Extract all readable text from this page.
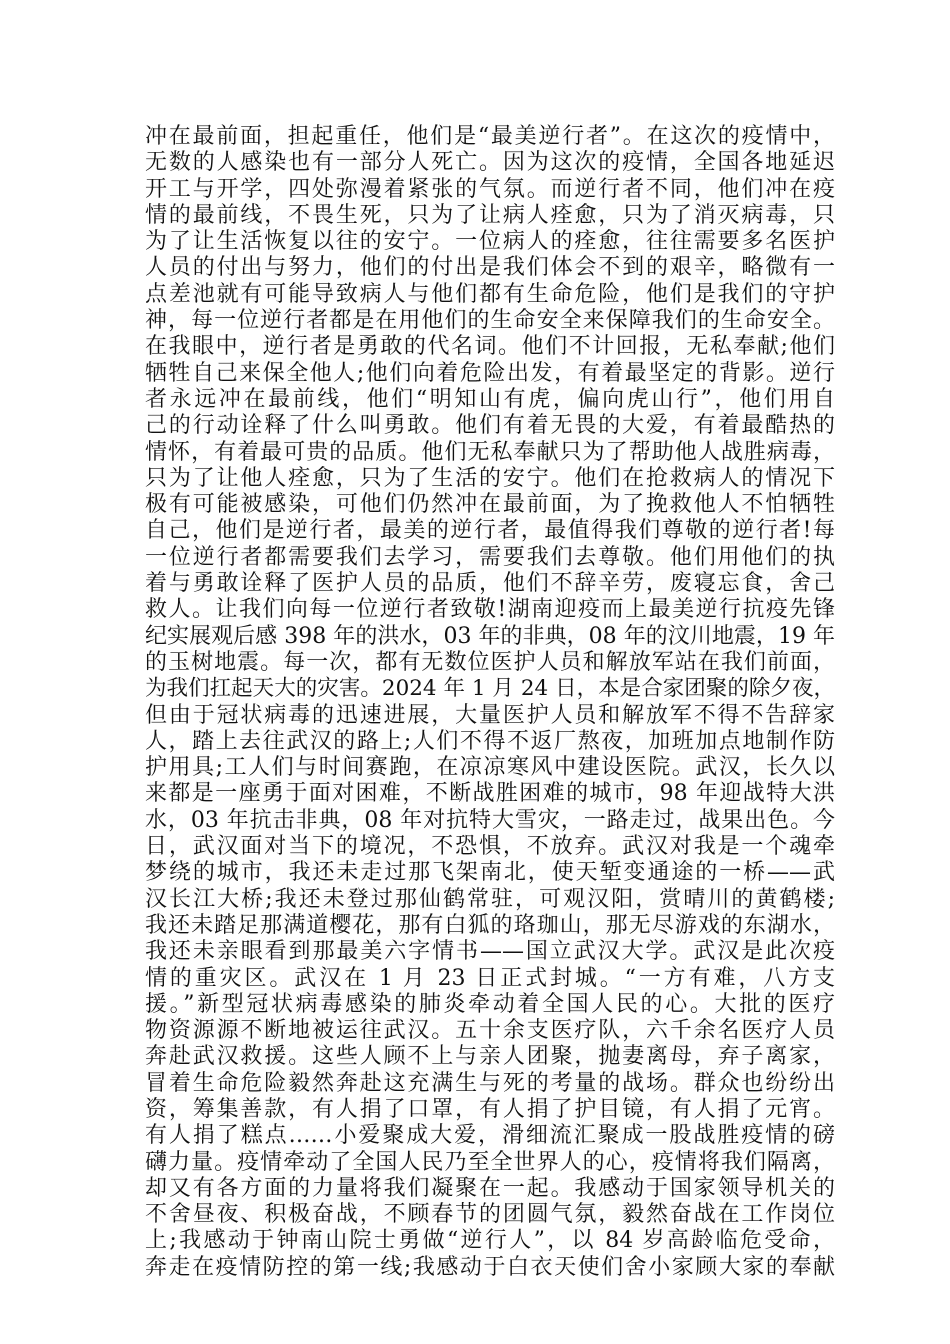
冲在最前面，担起重任，他们是“最美逆行者”。在这次的疫情中，
无数的人感染也有一部分人死亡。因为这次的疫情，全国各地延迟
开工与开学，四处弥漫着紧张的气氛。而逆行者不同，他们冲在疫
情的最前线，不畏生死，只为了让病人痊愈，只为了消灭病毒，只
为了让生活恢复以往的安宁。一位病人的痊愈，往往需要多名医护
人员的付出与努力，他们的付出是我们体会不到的艰辛，略微有一
点差池就有可能导致病人与他们都有生命危险，他们是我们的守护
神，每一位逆行者都是在用他们的生命安全来保障我们的生命安全。
在我眼中，逆行者是勇敢的代名词。他们不计回报，无私奉献;他们
牺牲自己来保全他人;他们向着危险出发，有着最坚定的背影。逆行
者永远冲在最前线，他们“明知山有虎，偏向虎山行”，他们用自
己的行动诠释了什么叫勇敢。他们有着无畏的大爱，有着最酷热的
情怀，有着最可贵的品质。他们无私奉献只为了帮助他人战胜病毒，
只为了让他人痊愈，只为了生活的安宁。他们在抢救病人的情况下
极有可能被感染，可他们仍然冲在最前面，为了挽救他人不怕牺牲
自己，他们是逆行者，最美的逆行者，最值得我们尊敬的逆行者!每
一位逆行者都需要我们去学习，需要我们去尊敬。他们用他们的执
着与勇敢诠释了医护人员的品质，他们不辞辛劳，废寝忘食，舍己
救人。让我们向每一位逆行者致敬!湖南迎疫而上最美逆行抗疫先锋
纪实展观后感 398 年的洪水，03 年的非典，08 年的汶川地震，19 年
的玉树地震。每一次，都有无数位医护人员和解放军站在我们前面，
为我们扛起天大的灾害。2024 年 1 月 24 日，本是合家团聚的除夕夜，
但由于冠状病毒的迅速进展，大量医护人员和解放军不得不告辞家
人，踏上去往武汉的路上;人们不得不返厂熬夜，加班加点地制作防
护用具;工人们与时间赛跑，在凉凉寒风中建设医院。武汉，长久以
来都是一座勇于面对困难，不断战胜困难的城市，98 年迎战特大洪
水，03 年抗击非典，08 年对抗特大雪灾，一路走过，战果出色。今
日，武汉面对当下的境况，不恐惧，不放弃。武汉对我是一个魂牵
梦绕的城市，我还未走过那飞架南北，使天堑变通途的一桥——武
汉长江大桥;我还未登过那仙鹤常驻，可观汉阳，赏晴川的黄鹤楼;
我还未踏足那满道樱花，那有白狐的珞珈山，那无尽游戏的东湖水，
我还未亲眼看到那最美六字情书——国立武汉大学。武汉是此次疫
情的重灾区。武汉在 1 月 23 日正式封城。“一方有难，八方支
援。”新型冠状病毒感染的肺炎牵动着全国人民的心。大批的医疗
物资源源不断地被运往武汉。五十余支医疗队，六千余名医疗人员
奔赴武汉救援。这些人顾不上与亲人团聚，抛妻离母，弃子离家，
冒着生命危险毅然奔赴这充满生与死的考量的战场。群众也纷纷出
资，筹集善款，有人捐了口罩，有人捐了护目镜，有人捐了元宵。
有人捐了糕点……小爱聚成大爱，滑细流汇聚成一股战胜疫情的磅
礴力量。疫情牵动了全国人民乃至全世界人的心，疫情将我们隔离，
却又有各方面的力量将我们凝聚在一起。我感动于国家领导机关的
不舍昼夜、积极奋战，不顾春节的团圆气氛，毅然奋战在工作岗位
上;我感动于钟南山院士勇做“逆行人”，以 84 岁高龄临危受命，
奔走在疫情防控的第一线;我感动于白衣天使们舍小家顾大家的奉献
